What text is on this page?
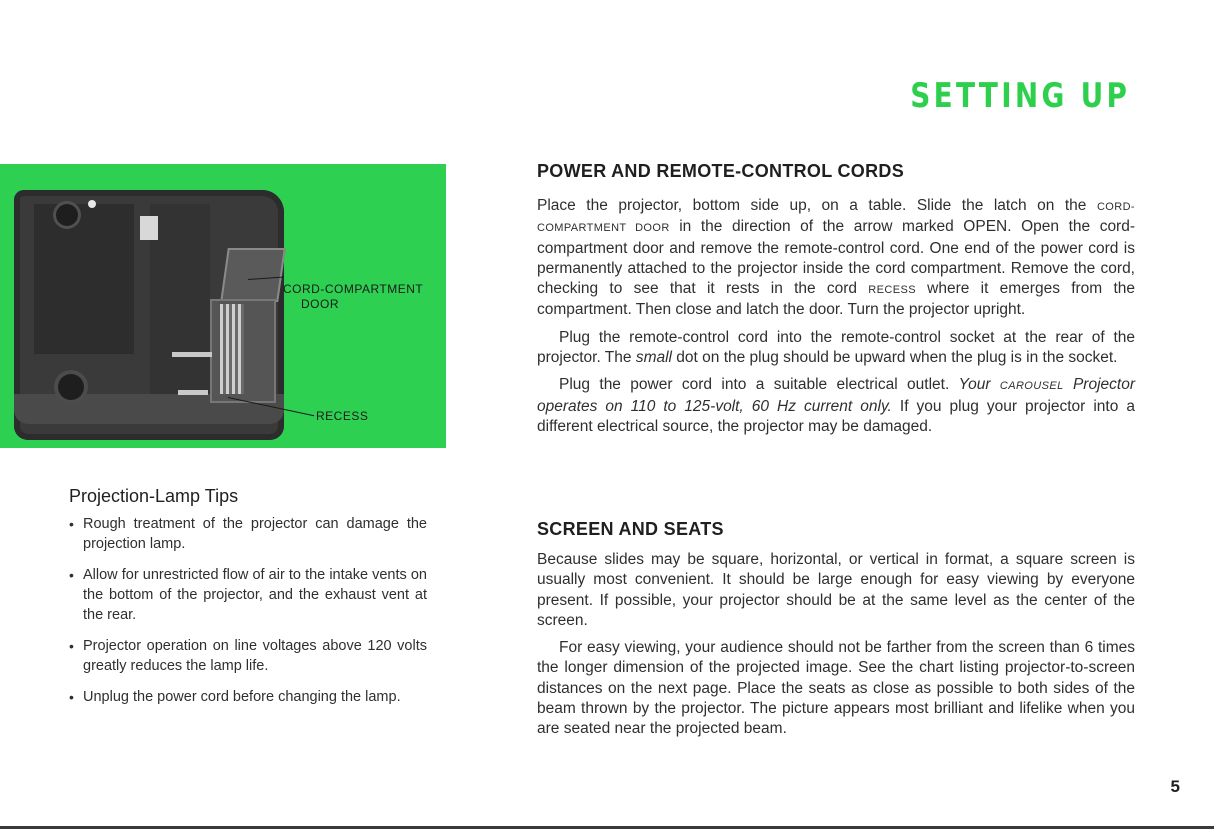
SETTING UP
CORD-COMPARTMENT
DOOR
RECESS
Projection-Lamp Tips
• Rough treatment of the projector can damage the projection lamp.
• Allow for unrestricted flow of air to the intake vents on the bottom of the projector, and the exhaust vent at the rear.
• Projector operation on line voltages above 120 volts greatly reduces the lamp life.
• Unplug the power cord before changing the lamp.
POWER AND REMOTE-CONTROL CORDS

Place the projector, bottom side up, on a table. Slide the latch on the CORD-COMPARTMENT DOOR in the direction of the arrow marked OPEN. Open the cord-compartment door and remove the remote-control cord. One end of the power cord is permanently attached to the projector inside the cord compartment. Remove the cord, checking to see that it rests in the cord RECESS where it emerges from the compartment. Then close and latch the door. Turn the projector upright.

Plug the remote-control cord into the remote-control socket at the rear of the projector. The small dot on the plug should be upward when the plug is in the socket.

Plug the power cord into a suitable electrical outlet. Your CAROUSEL Projector operates on 110 to 125-volt, 60 Hz current only. If you plug your projector into a different electrical source, the projector may be damaged.

SCREEN AND SEATS

Because slides may be square, horizontal, or vertical in format, a square screen is usually most convenient. It should be large enough for easy viewing by everyone present. If possible, your projector should be at the same level as the center of the screen.

For easy viewing, your audience should not be farther from the screen than 6 times the longer dimension of the projected image. See the chart listing projector-to-screen distances on the next page. Place the seats as close as possible to both sides of the beam thrown by the projector. The picture appears most brilliant and lifelike when you are seated near the projected beam.

5
